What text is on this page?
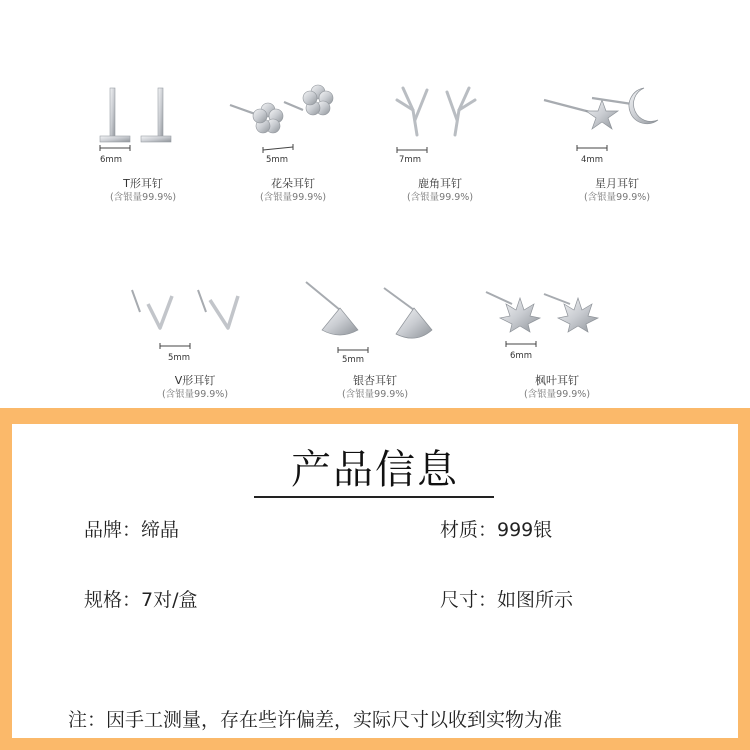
6mm
T形耳钉
(含银量99.9%)
5mm
花朵耳钉
(含银量99.9%)
7mm
鹿角耳钉
(含银量99.9%)
4mm
星月耳钉
(含银量99.9%)
5mm
V形耳钉
(含银量99.9%)
5mm
银杏耳钉
(含银量99.9%)
6mm
枫叶耳钉
(含银量99.9%)
产品信息
品牌：缔晶	材质：999银
规格：7对/盒	尺寸：如图所示
注：因手工测量，存在些许偏差，实际尺寸以收到实物为准
